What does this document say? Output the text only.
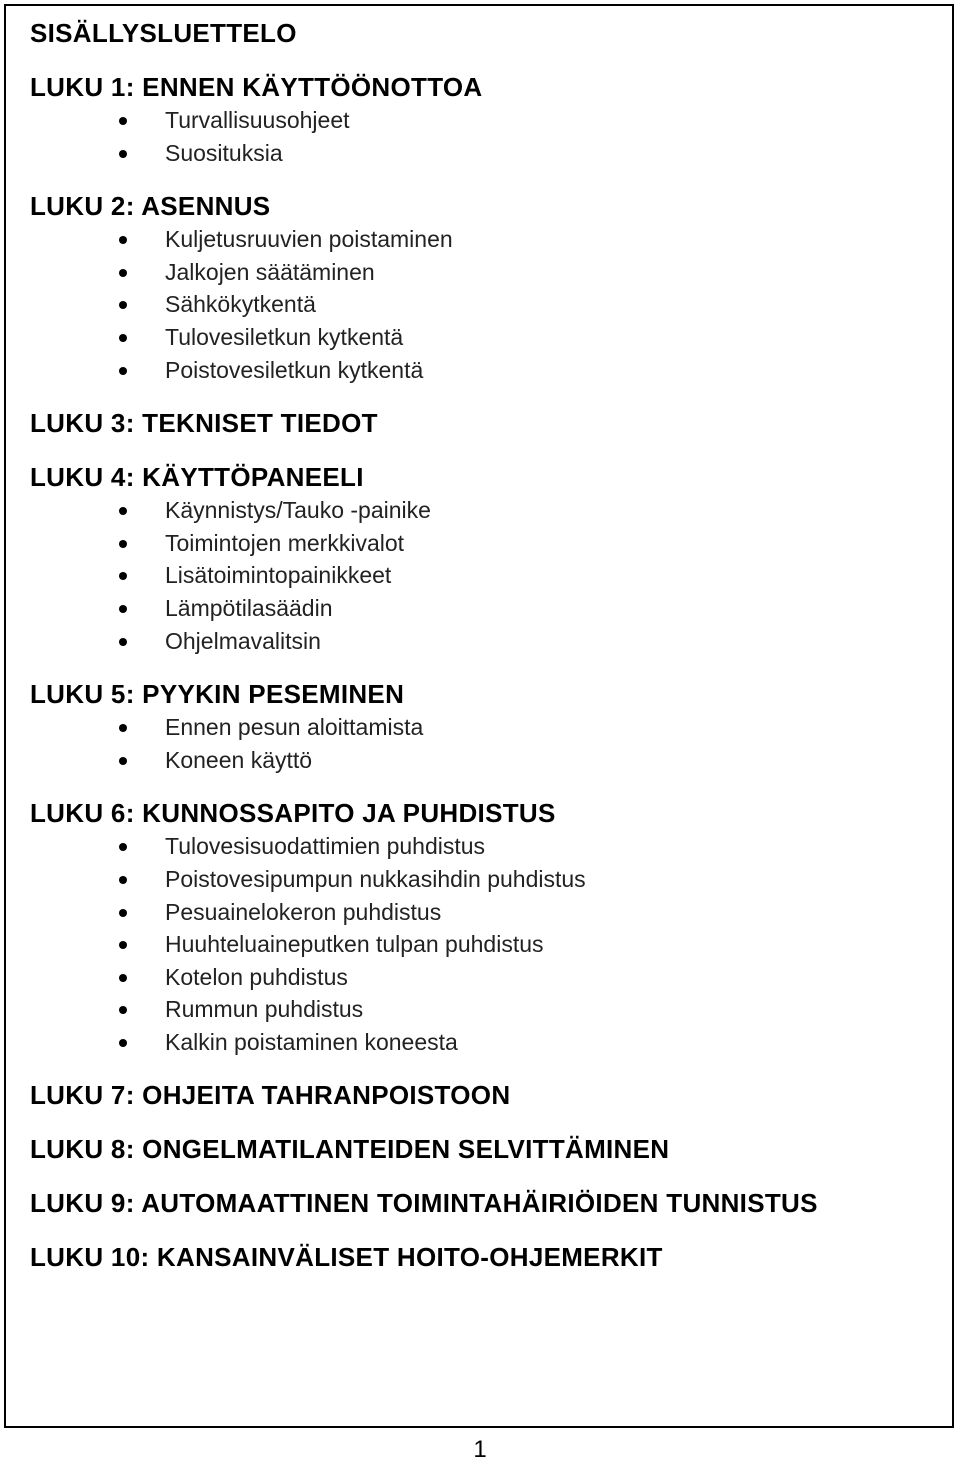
SISÄLLYSLUETTELO
LUKU 1: ENNEN KÄYTTÖÖNOTTOA
Turvallisuusohjeet
Suosituksia
LUKU 2: ASENNUS
Kuljetusruuvien poistaminen
Jalkojen säätäminen
Sähkökytkentä
Tulovesiletkun kytkentä
Poistovesiletkun kytkentä
LUKU 3: TEKNISET TIEDOT
LUKU 4: KÄYTTÖPANEELI
Käynnistys/Tauko -painike
Toimintojen merkkivalot
Lisätoimintopainikkeet
Lämpötilasäädin
Ohjelmavalitsin
LUKU 5: PYYKIN PESEMINEN
Ennen pesun aloittamista
Koneen käyttö
LUKU 6: KUNNOSSAPITO JA PUHDISTUS
Tulovesisuodattimien puhdistus
Poistovesipumpun nukkasihdin puhdistus
Pesuainelokeron puhdistus
Huuhteluaineputken tulpan puhdistus
Kotelon puhdistus
Rummun puhdistus
Kalkin poistaminen koneesta
LUKU 7: OHJEITA TAHRANPOISTOON
LUKU 8: ONGELMATILANTEIDEN SELVITTÄMINEN
LUKU 9: AUTOMAATTINEN TOIMINTAHÄIRIÖIDEN TUNNISTUS
LUKU 10: KANSAINVÄLISET HOITO-OHJEMERKIT
1
